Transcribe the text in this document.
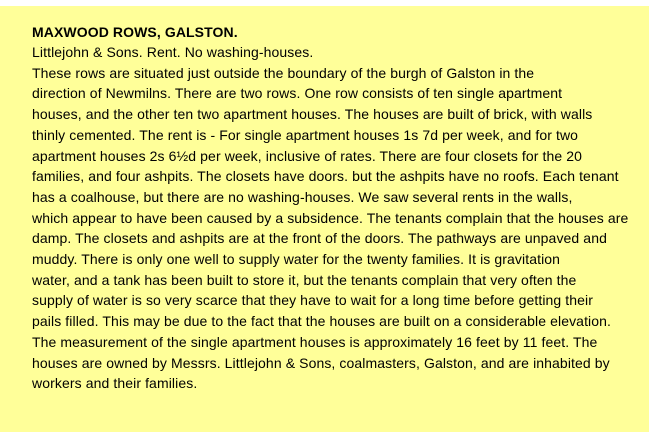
MAXWOOD ROWS, GALSTON.

Littlejohn & Sons. Rent. No washing-houses.

These rows are situated just outside the boundary of the burgh of Galston in the

direction of Newmilns. There are two rows. One row consists of ten single apartment

houses, and the other ten two apartment houses. The houses are built of brick, with walls

thinly cemented. The rent is - For single apartment houses 1s 7d per week, and for two

apartment houses 2s 6½d per week, inclusive of rates. There are four closets for the 20

families, and four ashpits. The closets have doors. but the ashpits have no roofs. Each tenant

has a coalhouse, but there are no washing-houses. We saw several rents in the walls,

which appear to have been caused by a subsidence. The tenants complain that the houses are

damp. The closets and ashpits are at the front of the doors. The pathways are unpaved and

muddy. There is only one well to supply water for the twenty families. It is gravitation

water, and a tank has been built to store it, but the tenants complain that very often the

supply of water is so very scarce that they have to wait for a long time before getting their

pails filled. This may be due to the fact that the houses are built on a considerable elevation.

The measurement of the single apartment houses is approximately 16 feet by 11 feet. The

houses are owned by Messrs. Littlejohn & Sons, coalmasters, Galston, and are inhabited by

workers and their families.
